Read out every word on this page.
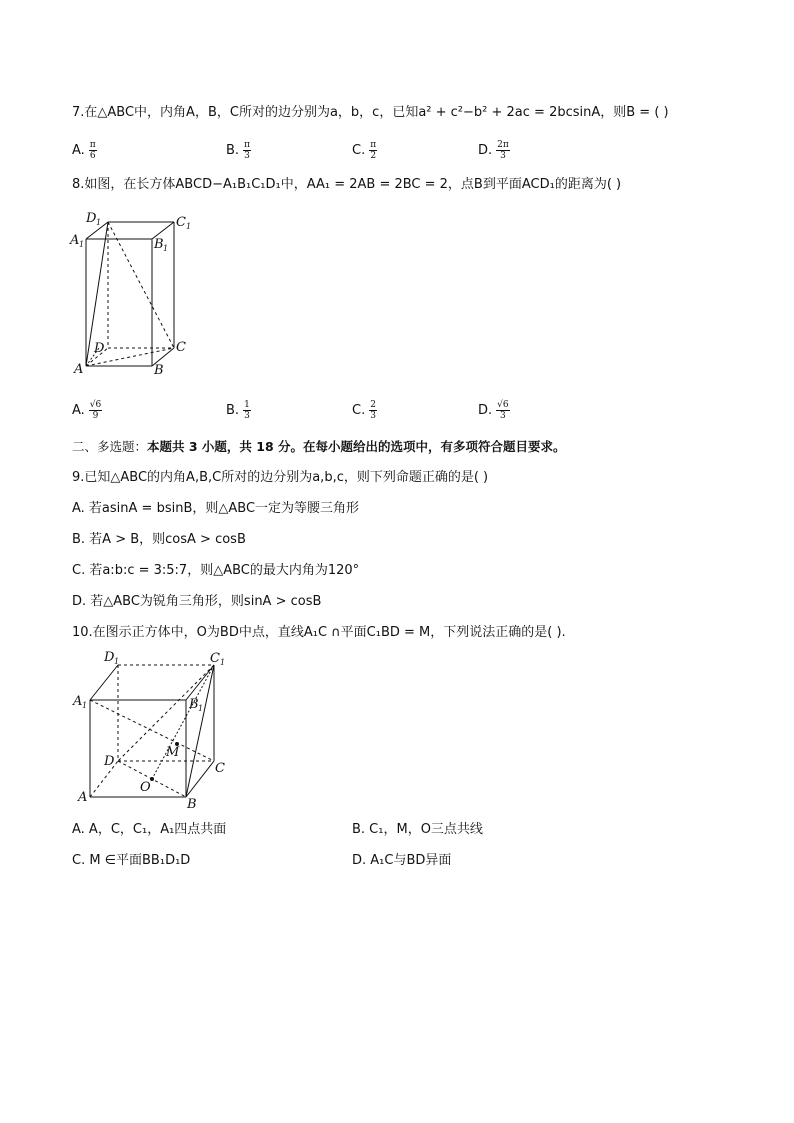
7.在△ABC中，内角A，B，C所对的边分别为a，b，c，已知a² + c²−b² + 2ac = 2bcsinA，则B = ( )
A. $\frac{\pi}{6}$	B. $\frac{\pi}{3}$	C. $\frac{\pi}{2}$	D. $\frac{2\pi}{3}$
8.如图，在长方体ABCD−A₁B₁C₁D₁中，AA₁ = 2AB = 2BC = 2，点B到平面ACD₁的距离为( )
D 1	C 1
A 1	B 1
D	C
A	B
A. $\frac{√6}{9}$	B. $\frac{1}{3}$	C. $\frac{2}{3}$	D. $\frac{√6}{3}$
二、多选题：本题共 3 小题，共 18 分。在每小题给出的选项中，有多项符合题目要求。
9.已知△ABC的内角A,B,C所对的边分别为a,b,c，则下列命题正确的是( )
A. 若asinA = bsinB，则△ABC一定为等腰三角形
B. 若A > B，则cosA > cosB
C. 若a:b:c = 3:5:7，则△ABC的最大内角为120°
D. 若△ABC为锐角三角形，则sinA > cosB
10.在图示正方体中，O为BD中点，直线A₁C ∩平面C₁BD = M，下列说法正确的是( ).
D 1	C 1
A 1	B 1
M
D	C
O
A	B
A. A，C，C₁，A₁四点共面	B. C₁，M，O三点共线
C. M ∈平面BB₁D₁D	D. A₁C与BD异面
